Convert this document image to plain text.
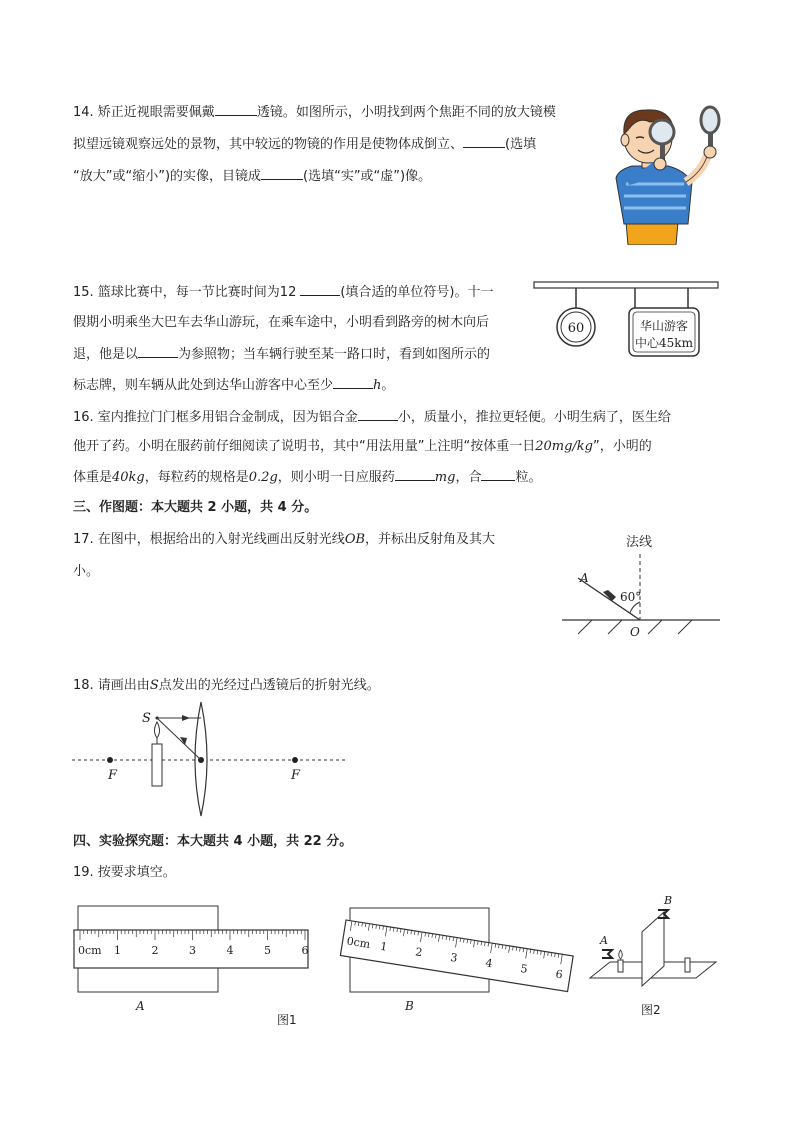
14. 矫正近视眼需要佩戴	透镜。如图所示，小明找到两个焦距不同的放大镜模
拟望远镜观察远处的景物，其中较远的物镜的作用是使物体成倒立、	(选填
“放大”或“缩小”)的实像，目镜成	(选填“实”或“虚”)像。
15. 篮球比赛中，每一节比赛时间为12	(填合适的单位符号)。十一
假期小明乘坐大巴车去华山游玩，在乘车途中，小明看到路旁的树木向后
退，他是以	为参照物；当车辆行驶至某一路口时，看到如图所示的
标志牌，则车辆从此处到达华山游客中心至少	h。
60	华山游客
中心45km
16. 室内推拉门门框多用铝合金制成，因为铝合金	小，质量小，推拉更轻便。小明生病了，医生给
他开了药。小明在服药前仔细阅读了说明书，其中“用法用量”上注明“按体重一日20mg/kg”，小明的
体重是40kg，每粒药的规格是0.2g，则小明一日应服药	mg，合	粒。
三、作图题：本大题共 2 小题，共 4 分。
17. 在图中，根据给出的入射光线画出反射光线OB，并标出反射角及其大
小。
法线
A
60°
O
18. 请画出由S点发出的光经过凸透镜后的折射光线。
F	F
S
四、实验探究题：本大题共 4 小题，共 22 分。
19. 按要求填空。
0cm 1	2	3	4	5	6
A
0cm 1 2 3 4 5 6
B
图1
A
B
图2
